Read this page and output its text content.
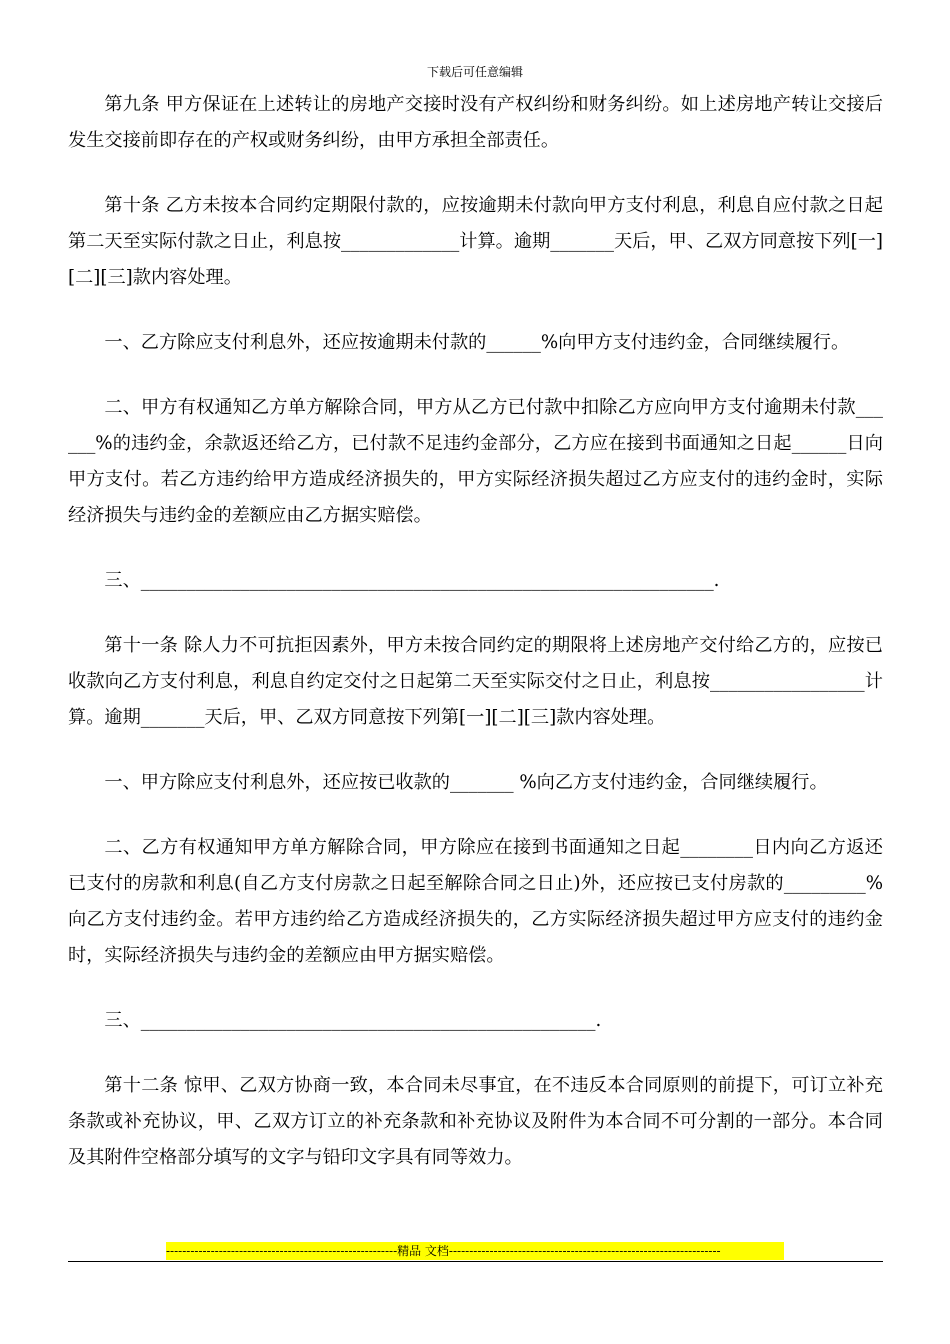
下载后可任意编辑

第九条 甲方保证在上述转让的房地产交接时没有产权纠纷和财务纠纷。如上述房地产转让交接后发生交接前即存在的产权或财务纠纷，由甲方承担全部责任。

第十条 乙方未按本合同约定期限付款的，应按逾期未付款向甲方支付利息，利息自应付款之日起第二天至实际付款之日止，利息按_____________计算。逾期_______天后，甲、乙双方同意按下列[一][二][三]款内容处理。

一、乙方除应支付利息外，还应按逾期未付款的______%向甲方支付违约金，合同继续履行。

二、甲方有权通知乙方单方解除合同，甲方从乙方已付款中扣除乙方应向甲方支付逾期未付款______%的违约金，余款返还给乙方，已付款不足违约金部分，乙方应在接到书面通知之日起______日向甲方支付。若乙方违约给甲方造成经济损失的，甲方实际经济损失超过乙方应支付的违约金时，实际经济损失与违约金的差额应由乙方据实赔偿。

三、_______________________________________________________________.

第十一条 除人力不可抗拒因素外，甲方未按合同约定的期限将上述房地产交付给乙方的，应按已收款向乙方支付利息，利息自约定交付之日起第二天至实际交付之日止，利息按_________________计算。逾期_______天后，甲、乙双方同意按下列第[一][二][三]款内容处理。

一、甲方除应支付利息外，还应按已收款的_______ %向乙方支付违约金，合同继续履行。

二、乙方有权通知甲方单方解除合同，甲方除应在接到书面通知之日起________日内向乙方返还已支付的房款和利息(自乙方支付房款之日起至解除合同之日止)外，还应按已支付房款的_________%向乙方支付违约金。若甲方违约给乙方造成经济损失的，乙方实际经济损失超过甲方应支付的违约金时，实际经济损失与违约金的差额应由甲方据实赔偿。

三、__________________________________________________.

第十二条 惊甲、乙双方协商一致，本合同未尽事宜，在不违反本合同原则的前提下，可订立补充条款或补充协议，甲、乙双方订立的补充条款和补充协议及附件为本合同不可分割的一部分。本合同及其附件空格部分填写的文字与铅印文字具有同等效力。

---------------------------------------------------------精品 文档-------------------------------------------------------------------
